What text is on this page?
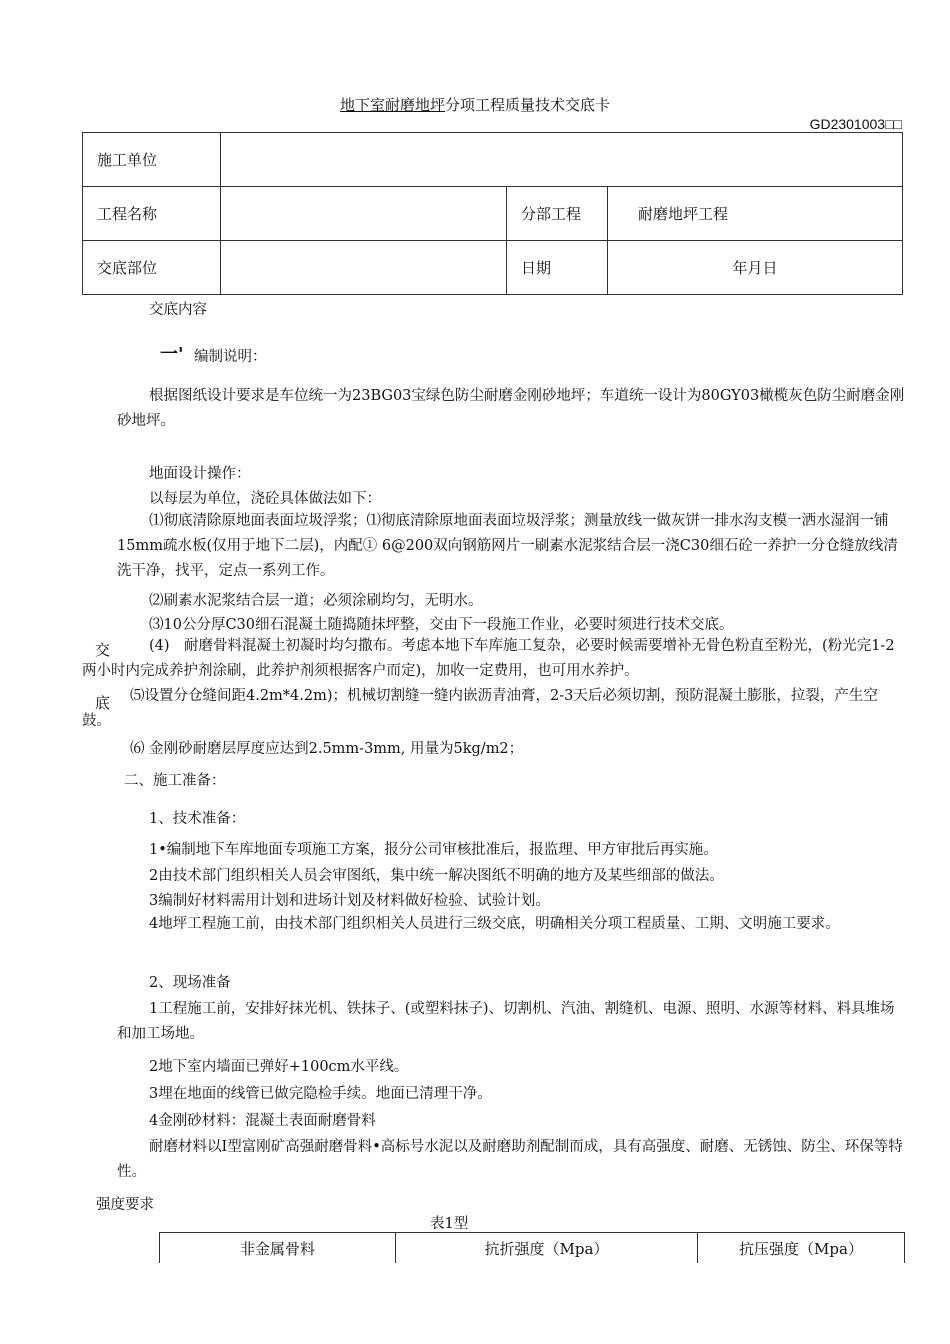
地下室耐磨地坪分项工程质量技术交底卡
GD2301003□□
施工单位			
工程名称		分部工程	耐磨地坪工程
交底部位		日期	年月日
交底内容
一' 编制说明：
根据图纸设计要求是车位统一为23BG03宝绿色防尘耐磨金刚砂地坪；车道统一设计为80GY03橄榄灰色防尘耐磨金刚砂地坪。
地面设计操作：
以每层为单位，浇砼具体做法如下：
⑴彻底清除原地面表面垃圾浮浆；⑴彻底清除原地面表面垃圾浮浆；测量放线一做灰饼一排水沟支模一洒水湿润一铺15mm疏水板(仅用于地下二层)，内配① 6@200双向钢筋网片一刷素水泥浆结合层一浇C30细石砼一养护一分仓缝放线清洗干净，找平，定点一系列工作。
⑵刷素水泥浆结合层一道；必须涂刷均匀，无明水。
⑶10公分厚C30细石混凝土随捣随抹坪整，交由下一段施工作业，必要时须进行技术交底。
交	(4)　耐磨骨料混凝土初凝时均匀撒布。考虑本地下车库施工复杂，必要时候需要增补无骨色粉直至粉光，(粉光完1-2两小时内完成养护剂涂刷，此养护剂须根据客户而定)，加收一定费用，也可用水养护。
底	⑸设置分仓缝间距4.2m*4.2m)；机械切割缝一缝内嵌沥青油膏，2-3天后必须切割，预防混凝土膨胀，拉裂，产生空鼓。
⑹ 金刚砂耐磨层厚度应达到2.5mm-3mm, 用量为5kg/m2；
二、施工准备：
1、技术准备：
1•编制地下车库地面专项施工方案，报分公司审核批准后，报监理、甲方审批后再实施。
2由技术部门组织相关人员会审图纸，集中统一解决图纸不明确的地方及某些细部的做法。
3编制好材料需用计划和进场计划及材料做好检验、试验计划。
4地坪工程施工前，由技术部门组织相关人员进行三级交底，明确相关分项工程质量、工期、文明施工要求。
2、现场准备
1工程施工前，安排好抹光机、铁抹子、(或塑料抹子)、切割机、汽油、割缝机、电源、照明、水源等材料、料具堆场和加工场地。
2地下室内墙面已弹好+100cm水平线。
3埋在地面的线管已做完隐检手续。地面已清理干净。
4金刚砂材料：混凝土表面耐磨骨料
耐磨材料以I型富刚矿高强耐磨骨料•高标号水泥以及耐磨助剂配制而成，具有高强度、耐磨、无锈蚀、防尘、环保等特性。
强度要求
表1型
非金属骨料	抗折强度（Mpa）	抗压强度（Mpa）
